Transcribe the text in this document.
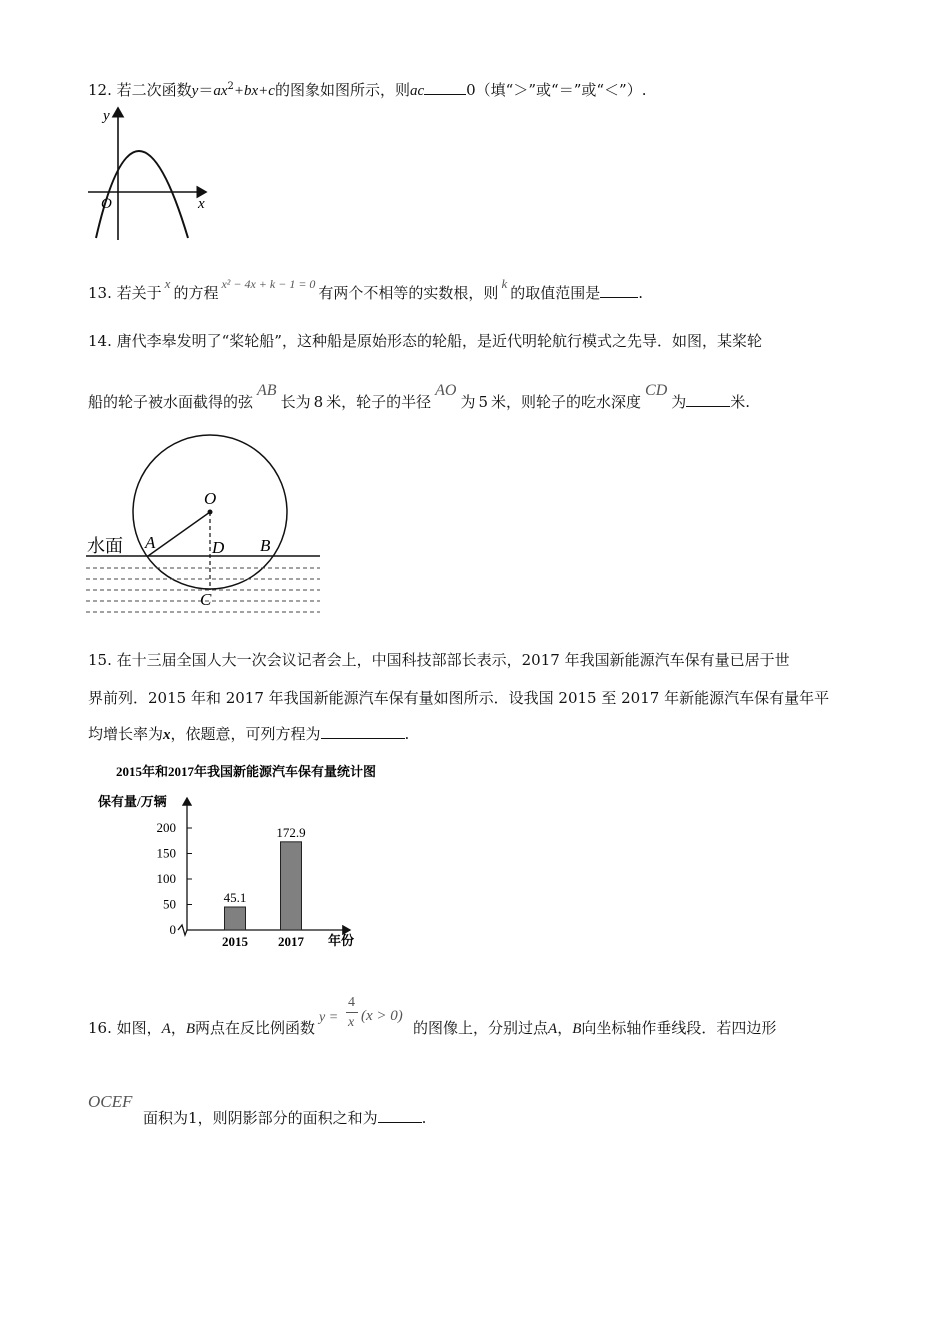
12. 若二次函数$y=ax^2+bx+c$的图象如图所示，则ac	0（填“＞”或“＝”或“＜”）.
y
x
O
13. 若关于x的方程 $^{x^2 - 4x + k - 1 = 0}$ 有两个不相等的实数根，则k的取值范围是	.
14. 唐代李皋发明了“桨轮船”，这种船是原始形态的轮船，是近代明轮航行模式之先导．如图，某桨轮
船的轮子被水面截得的弦AB长为 8 米，轮子的半径AO为 5 米，则轮子的吃水深度CD为	米.
水面
O
A	D B
C
15. 在十三届全国人大一次会议记者会上，中国科技部部长表示，2017 年我国新能源汽车保有量已居于世
界前列．2015 年和 2017 年我国新能源汽车保有量如图所示．设我国 2015 至 2017 年新能源汽车保有量年平
均增长率为x，依题意，可列方程为	.
2015年和2017年我国新能源汽车保有量统计图
保有量/万辆
年份
0
50
100
150
200
45.1
2015
172.9
2017
16. 如图，A，B两点在反比例函数
y =
4
x (x > 0)
的图像上，分别过点A，B向坐标轴作垂线段．若四边形
OCEF
面积为1，则阴影部分的面积之和为	.
